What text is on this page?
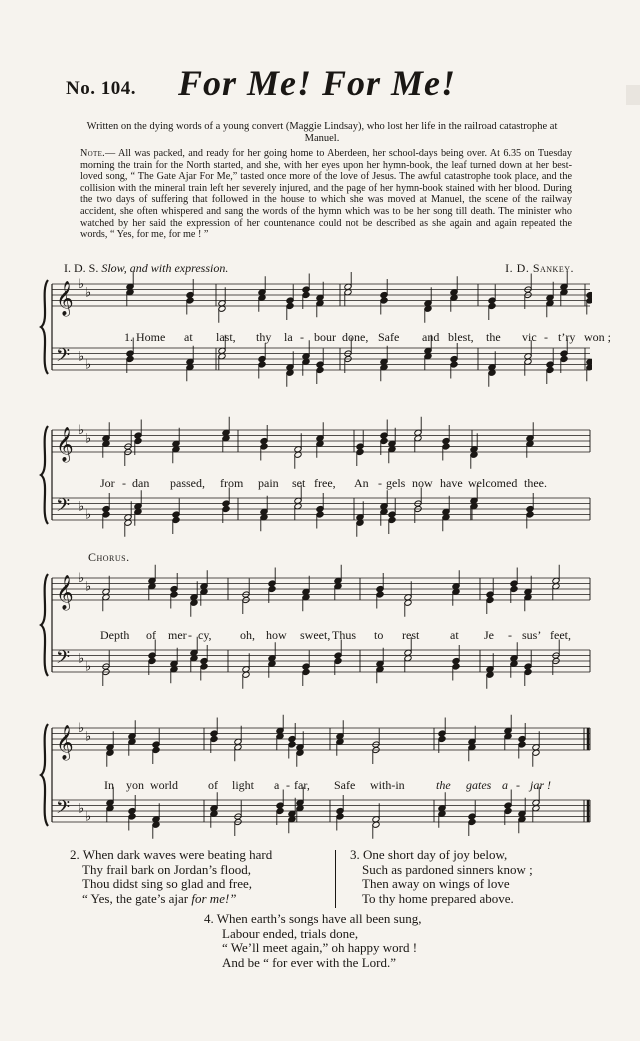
No. 104. For Me! For Me!
Written on the dying words of a young convert (Maggie Lindsay), who lost her life in the railroad catastrophe at Manuel.
Note.— All was packed, and ready for her going home to Aberdeen, her school-days being over. At 6.35 on Tuesday morning the train for the North started, and she, with her eyes upon her hymn-book, the leaf turned down at her best-loved song, “ The Gate Ajar For Me,” tasted once more of the love of Jesus. The awful catastrophe took place, and the collision with the mineral train left her severely injured, and the page of her hymn-book stained with her blood. During the two days of suffering that followed in the house to which she was moved at Manuel, the scene of the railway accident, she often whispered and sang the words of the hymn which was to be her song till death. The minister who watched by her said the expression of her countenance could not be described as she again and again repeated the words, “ Yes, for me, for me ! ”
I. D. S. Slow, and with expression.	I. D. Sankey.
Chorus.
𝄞 ♭
♭
𝄢 ♭
♭
1. Home at last, thy la - bour done, Safe and blest, the vic - t’ry won ;
𝄞 ♭
♭
𝄢 ♭
♭
Jor - dan passed, from pain set free, An - gels now have welcomed thee.
𝄞 ♭
♭
𝄢 ♭
♭
Depth of mer - cy, oh, how sweet, Thus to rest	at Je - sus’ feet,
𝄞 ♭
♭
𝄢 ♭
♭
In yon world	of light a - far, Safe with-in	the gates a - jar !
2. When dark waves were beating hard
Thy frail bark on Jordan’s flood,
Thou didst sing so glad and free,
“ Yes, the gate’s ajar for me!”
3. One short day of joy below,
Such as pardoned sinners know ;
Then away on wings of love
To thy home prepared above.
4. When earth’s songs have all been sung,
Labour ended, trials done,
“ We’ll meet again,” oh happy word !
And be “ for ever with the Lord.”
